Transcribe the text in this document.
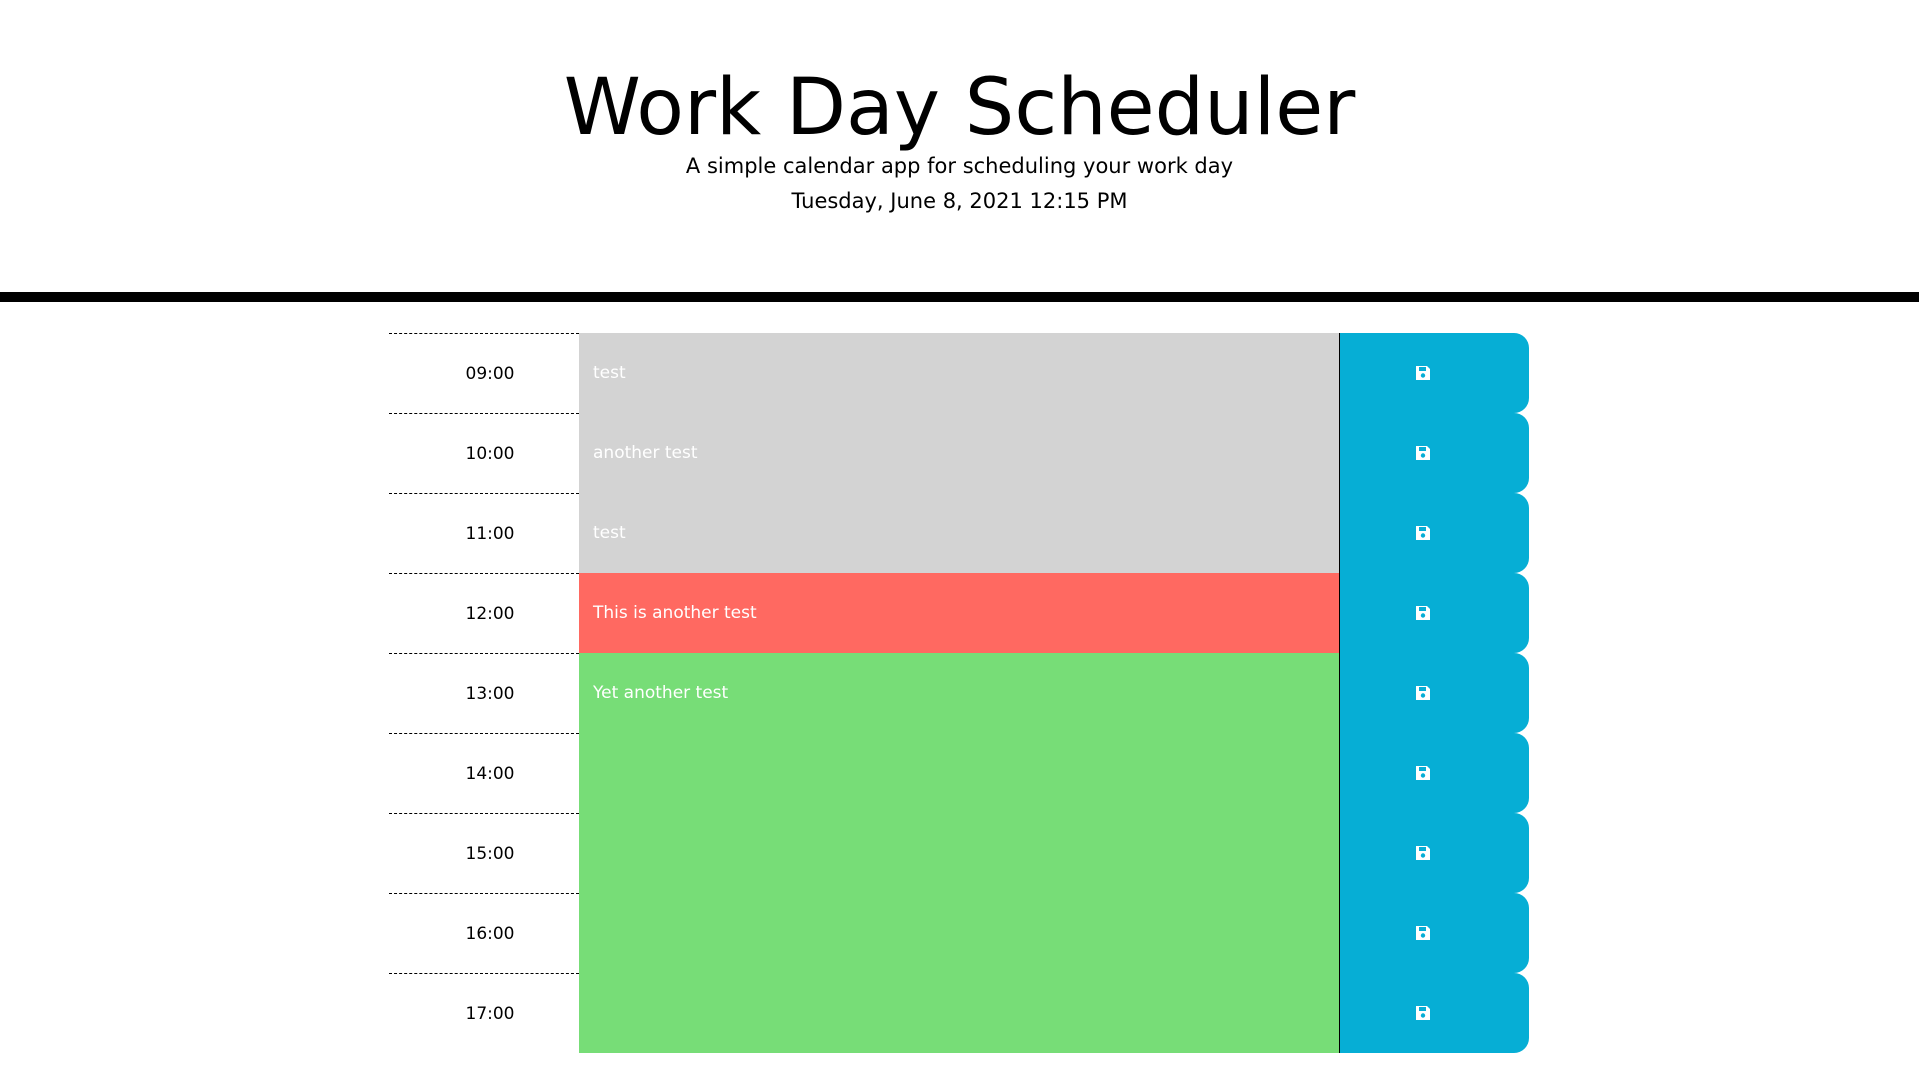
Work Day Scheduler
A simple calendar app for scheduling your work day
Tuesday, June 8, 2021 12:15 PM
09:00	test
10:00	another test
11:00	test
12:00	This is another test
13:00	Yet another test
14:00
15:00
16:00
17:00
